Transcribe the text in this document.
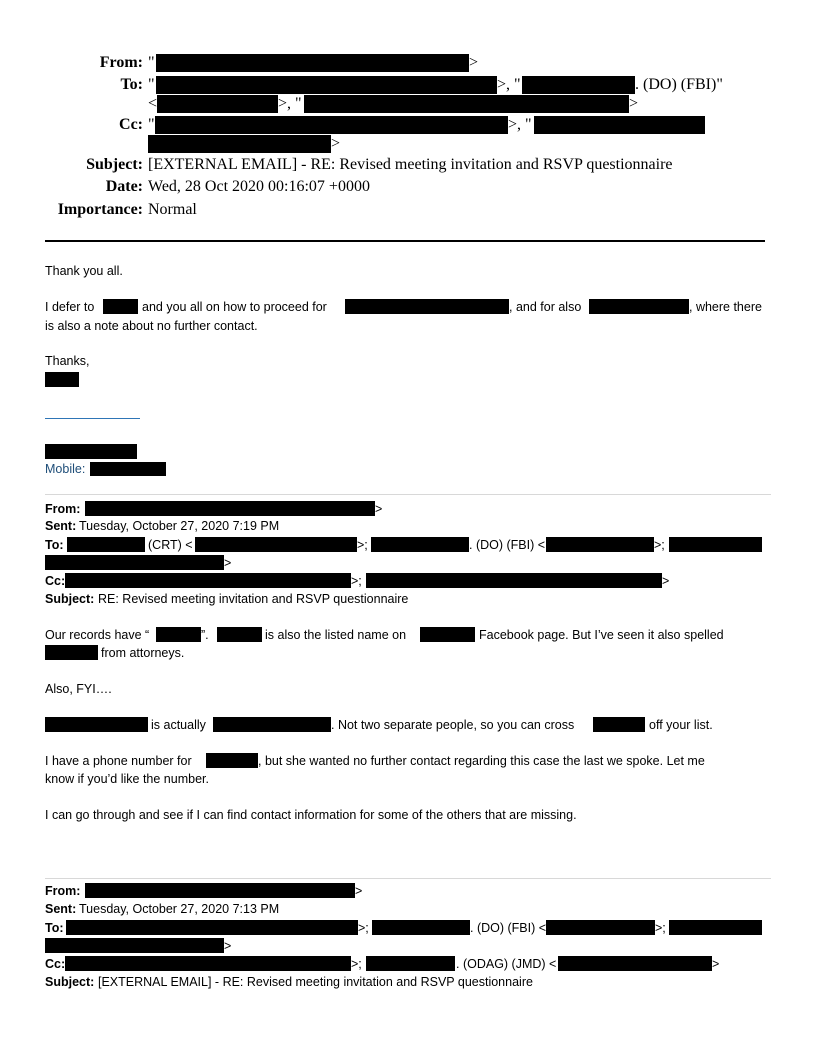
From: "	>
To: "	>, "	. (DO) (FBI)"
<	>, "	>
Cc: "	>, "
>
Subject: [EXTERNAL EMAIL] - RE: Revised meeting invitation and RSVP questionnaire
Date: Wed, 28 Oct 2020 00:16:07 +0000
Importance: Normal
Thank you all.
I defer to	and you all on how to proceed for	, and for also	, where there
is also a note about no further contact.
Thanks,
Mobile:
From:	>
Sent: Tuesday, October 27, 2020 7:19 PM
To:	(CRT) <	>;	. (DO) (FBI) <	>;
>
Cc:	>;	>
Subject: RE: Revised meeting invitation and RSVP questionnaire
Our records have “	”.	is also the listed name on	Facebook page. But I’ve seen it also spelled
from attorneys.
Also, FYI….
is actually	. Not two separate people, so you can cross	off your list.
I have a phone number for	, but she wanted no further contact regarding this case the last we spoke. Let me
know if you’d like the number.
I can go through and see if I can find contact information for some of the others that are missing.
From:	>
Sent: Tuesday, October 27, 2020 7:13 PM
To:	>;	. (DO) (FBI) <	>;
>
Cc:	>;	. (ODAG) (JMD) <	>
Subject: [EXTERNAL EMAIL] - RE: Revised meeting invitation and RSVP questionnaire
